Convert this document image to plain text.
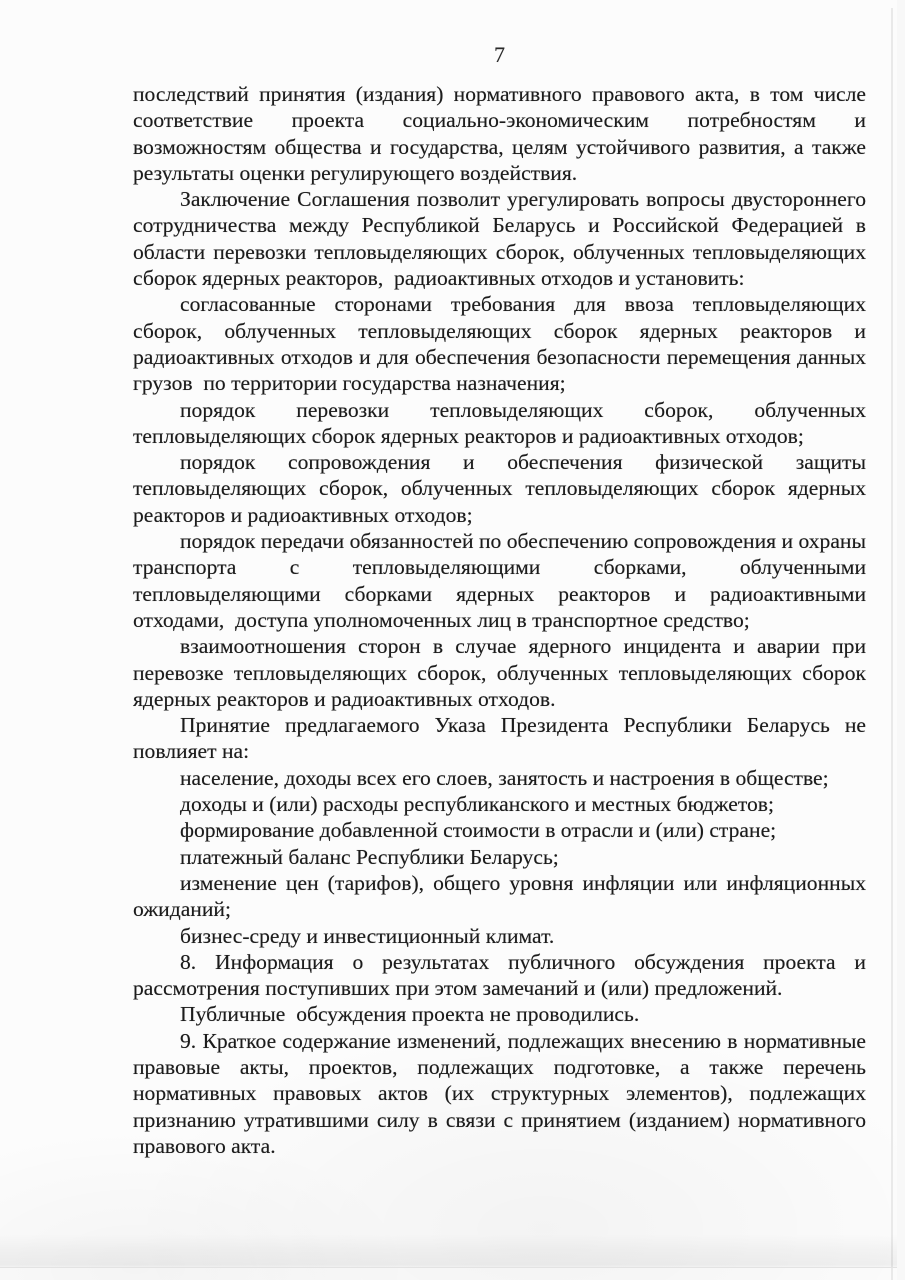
7

последствий принятия (издания) нормативного правового акта, в том числе соответствие проекта социально-экономическим потребностям и возможностям общества и государства, целям устойчивого развития, а также результаты оценки регулирующего воздействия.

Заключение Соглашения позволит урегулировать вопросы двустороннего сотрудничества между Республикой Беларусь и Российской Федерацией в области перевозки тепловыделяющих сборок, облученных тепловыделяющих сборок ядерных реакторов,  радиоактивных отходов и установить:

согласованные сторонами требования для ввоза тепловыделяющих сборок, облученных тепловыделяющих сборок ядерных реакторов и радиоактивных отходов и для обеспечения безопасности перемещения данных грузов  по территории государства назначения;

порядок перевозки тепловыделяющих сборок, облученных тепловыделяющих сборок ядерных реакторов и радиоактивных отходов;

порядок сопровождения и обеспечения физической защиты тепловыделяющих сборок, облученных тепловыделяющих сборок ядерных реакторов и радиоактивных отходов;

порядок передачи обязанностей по обеспечению сопровождения и охраны транспорта с тепловыделяющими сборками, облученными тепловыделяющими сборками ядерных реакторов и радиоактивными отходами,  доступа уполномоченных лиц в транспортное средство;

взаимоотношения сторон в случае ядерного инцидента и аварии при перевозке тепловыделяющих сборок, облученных тепловыделяющих сборок ядерных реакторов и радиоактивных отходов.

Принятие предлагаемого Указа Президента Республики Беларусь не повлияет на:

население, доходы всех его слоев, занятость и настроения в обществе;

доходы и (или) расходы республиканского и местных бюджетов;

формирование добавленной стоимости в отрасли и (или) стране;

платежный баланс Республики Беларусь;

изменение цен (тарифов), общего уровня инфляции или инфляционных ожиданий;

бизнес-среду и инвестиционный климат.

8. Информация о результатах публичного обсуждения проекта и рассмотрения поступивших при этом замечаний и (или) предложений.

Публичные  обсуждения проекта не проводились.

9. Краткое содержание изменений, подлежащих внесению в нормативные правовые акты, проектов, подлежащих подготовке, а также перечень нормативных правовых актов (их структурных элементов), подлежащих признанию утратившими силу в связи с принятием (изданием) нормативного правового акта.
